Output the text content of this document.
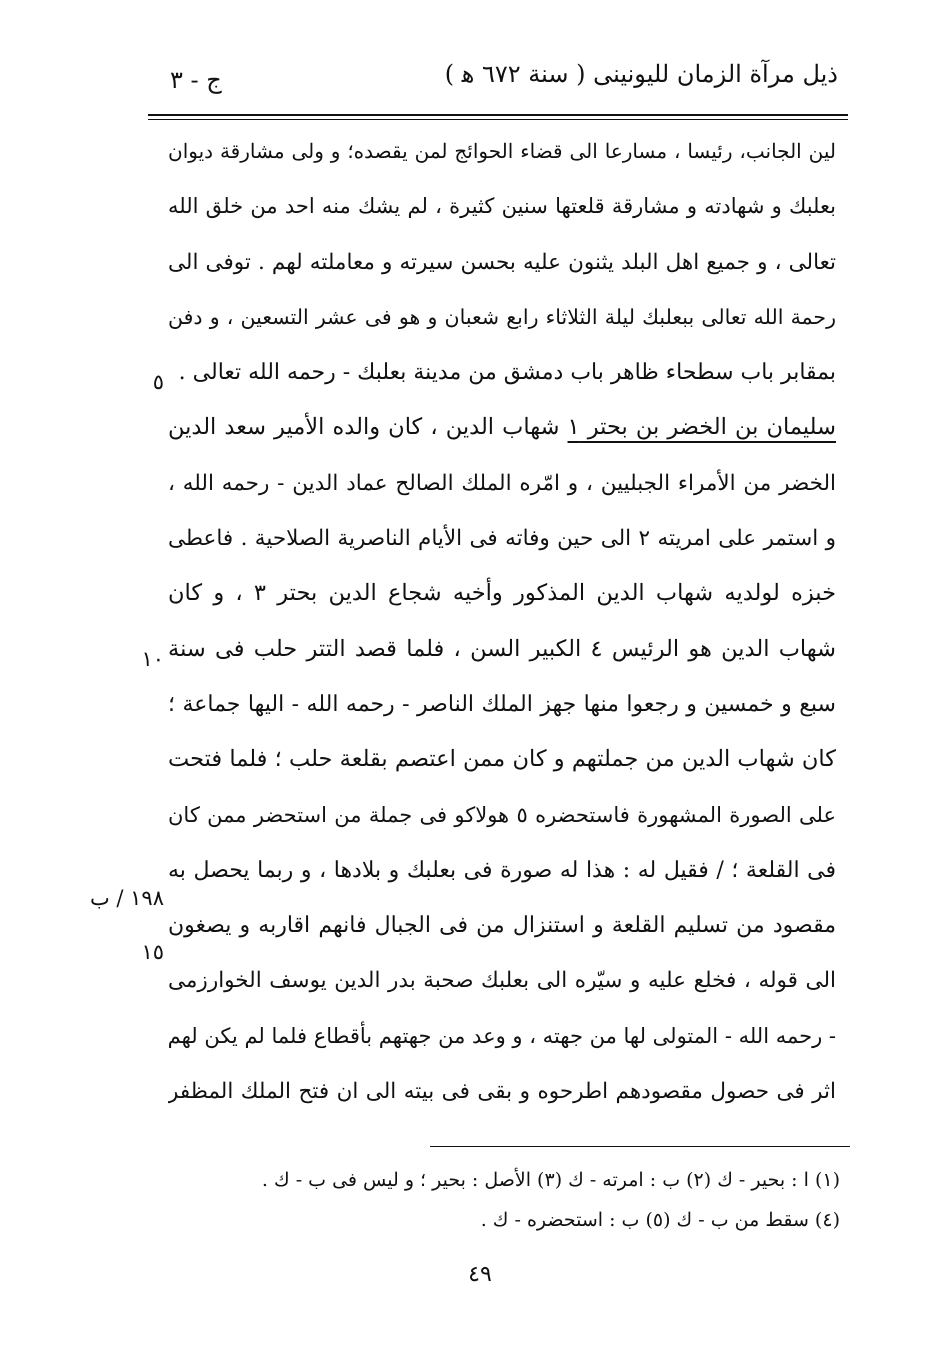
ذيل مرآة الزمان لليونينى ( سنة ٦٧٢ ﻫ )
ج - ٣
لين الجانب، رئيسا ، مسارعا الى قضاء الحوائج لمن يقصده؛ و ولى مشارقة ديوان
بعلبك و شهادته و مشارقة قلعتها سنين كثيرة ، لم يشك منه احد من خلق الله
تعالى ، و جميع اهل البلد يثنون عليه بحسن سيرته و معاملته لهم . توفى الى
رحمة الله تعالى ببعلبك ليلة الثلاثاء رابع شعبان و هو فى عشر التسعين ، و دفن
بمقابر باب سطحاء ظاهر باب دمشق من مدينة بعلبك - رحمه الله تعالى .
سليمان بن الخضر بن بحتر ١ شهاب الدين ، كان والده الأمير سعد الدين
الخضر من الأمراء الجبليين ، و امّره الملك الصالح عماد الدين - رحمه الله ،
و استمر على امريته ٢ الى حين وفاته فى الأيام الناصرية الصلاحية . فاعطى
خبزه لولديه شهاب الدين المذكور وأخيه شجاع الدين بحتر ٣ ، و كان
شهاب الدين هو الرئيس ٤ الكبير السن ، فلما قصد التتر حلب فى سنة
سبع و خمسين و رجعوا منها جهز الملك الناصر - رحمه الله - اليها جماعة ؛
كان شهاب الدين من جملتهم و كان ممن اعتصم بقلعة حلب ؛ فلما فتحت
على الصورة المشهورة فاستحضره ٥ هولاكو فى جملة من استحضر ممن كان
فى القلعة ؛ / فقيل له : هذا له صورة فى بعلبك و بلادها ، و ربما يحصل به
مقصود من تسليم القلعة و استنزال من فى الجبال فانهم اقاربه و يصغون
الى قوله ، فخلع عليه و سيّره الى بعلبك صحبة بدر الدين يوسف الخوارزمى
- رحمه الله - المتولى لها من جهته ، و وعد من جهتهم بأقطاع فلما لم يكن لهم
اثر فى حصول مقصودهم اطرحوه و بقى فى بيته الى ان فتح الملك المظفر
٥
١٠
١٩٨ / ب
١٥
(١) ا : بحير - ك (٢) ب : امرته - ك (٣) الأصل : بحير ؛ و ليس فى ب - ك .
(٤) سقط من ب - ك (٥) ب : استحضره - ك .
٤٩
